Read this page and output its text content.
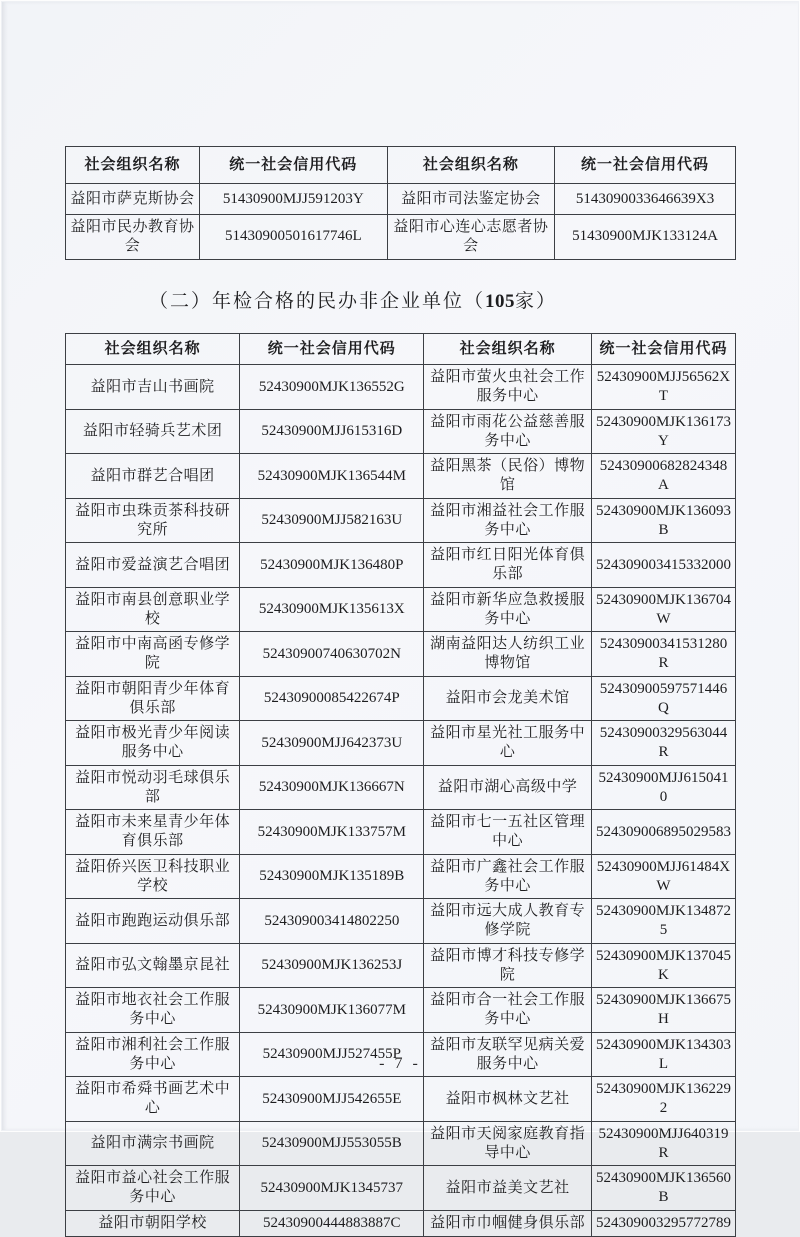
社会组织名称	统一社会信用代码	社会组织名称	统一社会信用代码
益阳市萨克斯协会	51430900MJJ591203Y	益阳市司法鉴定协会	5143090033646639X3
益阳市民办教育协会	51430900501617746L	益阳市心连心志愿者协会	51430900MJK133124A
（二）年检合格的民办非企业单位（105家）
社会组织名称	统一社会信用代码	社会组织名称	统一社会信用代码
益阳市吉山书画院	52430900MJK136552G	益阳市萤火虫社会工作服务中心	52430900MJJ56562XT
益阳市轻骑兵艺术团	52430900MJJ615316D	益阳市雨花公益慈善服务中心	52430900MJK136173Y
益阳市群艺合唱团	52430900MJK136544M	益阳黑茶（民俗）博物馆	52430900682824348A
益阳市虫珠贡茶科技研究所	52430900MJJ582163U	益阳市湘益社会工作服务中心	52430900MJK136093B
益阳市爱益演艺合唱团	52430900MJK136480P	益阳市红日阳光体育俱乐部	524309003415332000
益阳市南县创意职业学校	52430900MJK135613X	益阳市新华应急救援服务中心	52430900MJK136704W
益阳市中南高函专修学院	52430900740630702N	湖南益阳达人纺织工业博物馆	52430900341531280R
益阳市朝阳青少年体育俱乐部	52430900085422674P	益阳市会龙美术馆	52430900597571446Q
益阳市极光青少年阅读服务中心	52430900MJJ642373U	益阳市星光社工服务中心	52430900329563044R
益阳市悦动羽毛球俱乐部	52430900MJK136667N	益阳市湖心高级中学	52430900MJJ6150410
益阳市未来星青少年体育俱乐部	52430900MJK133757M	益阳市七一五社区管理中心	524309006895029583
益阳侨兴医卫科技职业学校	52430900MJK135189B	益阳市广鑫社会工作服务中心	52430900MJJ61484XW
益阳市跑跑运动俱乐部	524309003414802250	益阳市远大成人教育专修学院	52430900MJK1348725
益阳市弘文翰墨京昆社	52430900MJK136253J	益阳市博才科技专修学院	52430900MJK137045K
益阳市地衣社会工作服务中心	52430900MJK136077M	益阳市合一社会工作服务中心	52430900MJK136675H
益阳市湘利社会工作服务中心	52430900MJJ527455P	益阳市友联罕见病关爱服务中心	52430900MJK134303L
益阳市希舜书画艺术中心	52430900MJJ542655E	益阳市枫林文艺社	52430900MJK1362292
益阳市满宗书画院	52430900MJJ553055B	益阳市天阅家庭教育指导中心	52430900MJJ640319R
益阳市益心社会工作服务中心	52430900MJK1345737	益阳市益美文艺社	52430900MJK136560B
益阳市朝阳学校	52430900444883887C	益阳市巾帼健身俱乐部	524309003295772789
- 7 -
